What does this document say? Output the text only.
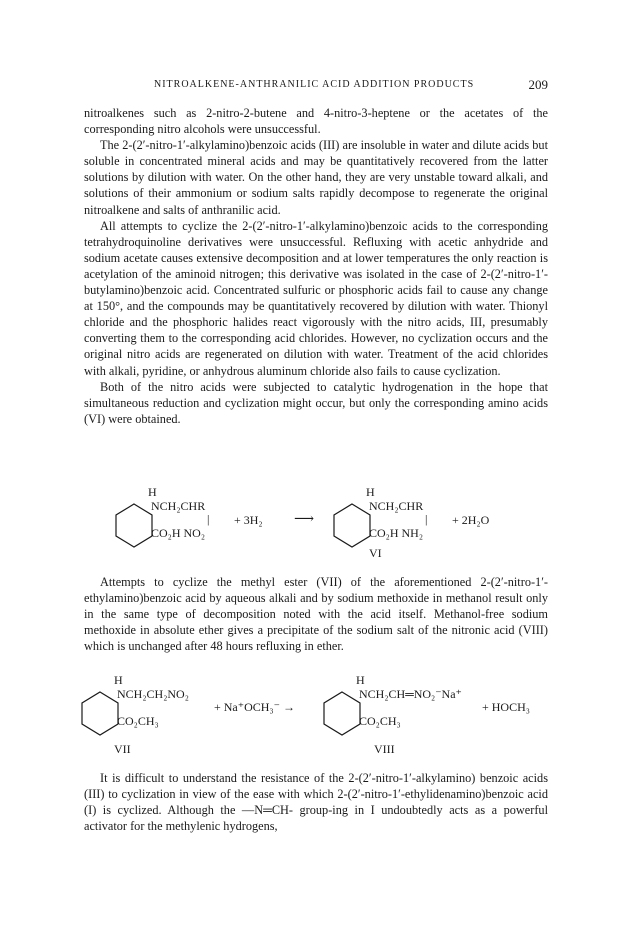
NITROALKENE-ANTHRANILIC ACID ADDITION PRODUCTS	209

nitroalkenes such as 2-nitro-2-butene and 4-nitro-3-heptene or the acetates of the corresponding nitro alcohols were unsuccessful.

The 2-(2′-nitro-1′-alkylamino)benzoic acids (III) are insoluble in water and dilute acids but soluble in concentrated mineral acids and may be quantitatively recovered from the latter solutions by dilution with water. On the other hand, they are very unstable toward alkali, and solutions of their ammonium or sodium salts rapidly decompose to regenerate the original nitroalkene and salts of anthranilic acid.

All attempts to cyclize the 2-(2′-nitro-1′-alkylamino)benzoic acids to the corresponding tetrahydroquinoline derivatives were unsuccessful. Refluxing with acetic anhydride and sodium acetate causes extensive decomposition and at lower temperatures the only reaction is acetylation of the aminoid nitrogen; this derivative was isolated in the case of 2-(2′-nitro-1′-butylamino)benzoic acid. Concentrated sulfuric or phosphoric acids fail to cause any change at 150°, and the compounds may be quantitatively recovered by dilution with water. Thionyl chloride and the phosphoric halides react vigorously with the nitro acids, III, presumably converting them to the corresponding acid chlorides. However, no cyclization occurs and the original nitro acids are regenerated on dilution with water. Treatment of the acid chlorides with alkali, pyridine, or anhydrous aluminum chloride also fails to cause cyclization.

Both of the nitro acids were subjected to catalytic hydrogenation in the hope that simultaneous reduction and cyclization might occur, but only the corresponding amino acids (VI) were obtained.

H
NCH₂CHR
|
CO₂H NO₂
+ 3H₂ ⟶
H
NCH₂CHR
|
CO₂H NH₂
+ 2H₂O
VI

Attempts to cyclize the methyl ester (VII) of the aforementioned 2-(2′-nitro-1′-ethylamino)benzoic acid by aqueous alkali and by sodium methoxide in methanol result only in the same type of decomposition noted with the acid itself. Methanol-free sodium methoxide in absolute ether gives a precipitate of the sodium salt of the nitronic acid (VIII) which is unchanged after 48 hours refluxing in ether.

H
NCH₂CH₂NO₂
CO₂CH₃
+ Na⁺OCH₃⁻ →
H
NCH₂CH═NO₂⁻Na⁺
CO₂CH₃
+ HOCH₃
VII	VIII

It is difficult to understand the resistance of the 2-(2′-nitro-1′-alkylamino) benzoic acids (III) to cyclization in view of the ease with which 2-(2′-nitro-1′-ethylidenamino)benzoic acid (I) is cyclized. Although the —N═CH- group-ing in I undoubtedly acts as a powerful activator for the methylenic hydrogens,
